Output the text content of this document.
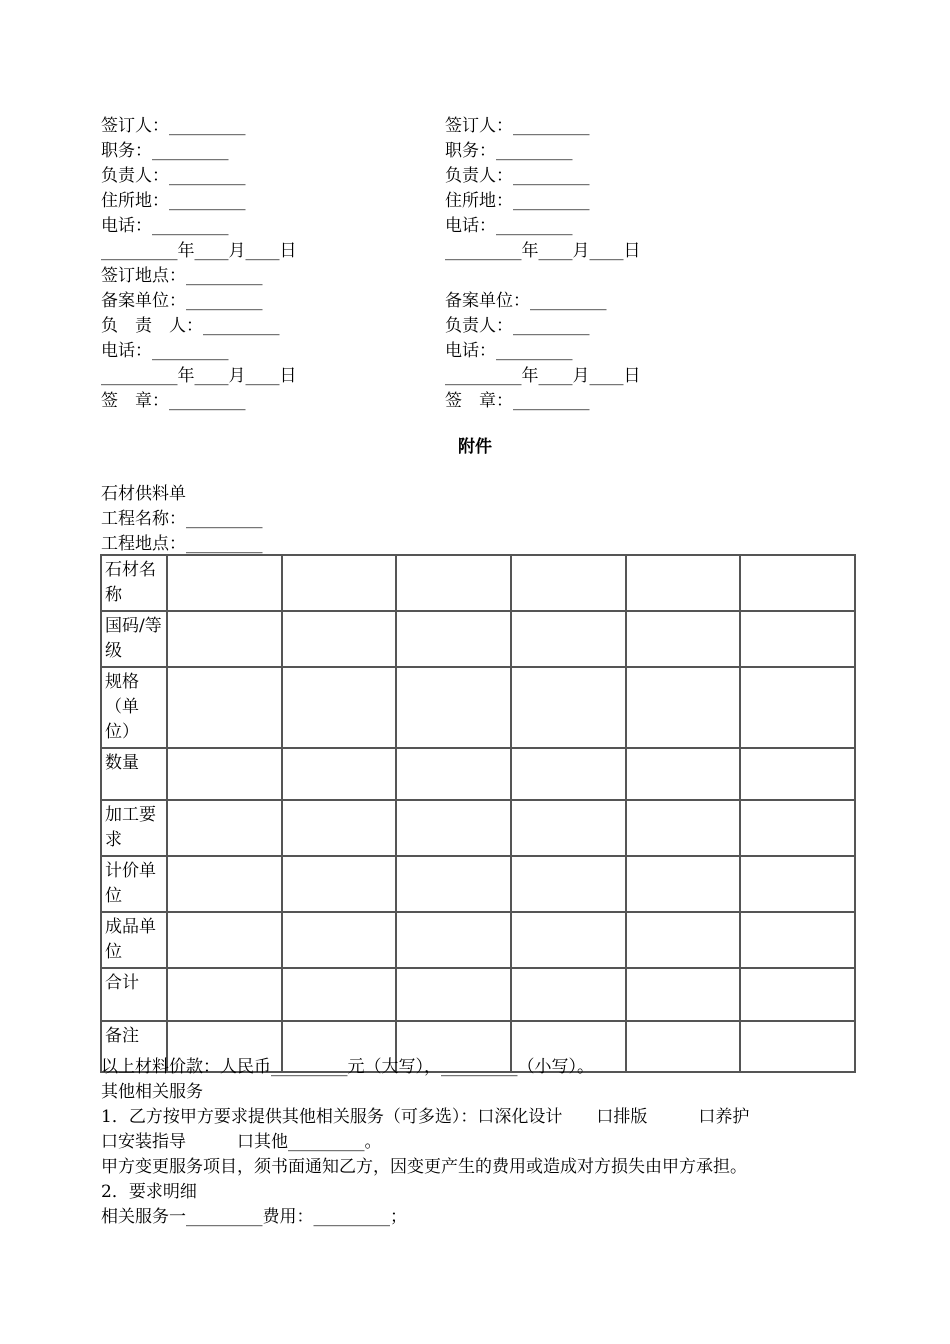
签订人：_________
职务：_________
负责人：_________
住所地：_________
电话：_________
_________年____月____日
签订地点：_________
备案单位：_________
负　责　人：_________
电话：_________
_________年____月____日
签　章：_________
签订人：_________
职务：_________
负责人：_________
住所地：_________
电话：_________
_________年____月____日
备案单位：_________
负责人：_________
电话：_________
_________年____月____日
签　章：_________
附件
石材供料单
工程名称：_________
工程地点：_________
石材名称						
国码/等级						
规格（单位）						
数量						
加工要求						
计价单位						
成品单位						
合计						
备注						
以上材料价款：人民币_________元（大写），_________（小写）。
其他相关服务
1．乙方按甲方要求提供其他相关服务（可多选）：口深化设计　　口排版　　　口养护
口安装指导　　　口其他_________。
甲方变更服务项目，须书面通知乙方，因变更产生的费用或造成对方损失由甲方承担。
2．要求明细
相关服务一_________费用：_________；
